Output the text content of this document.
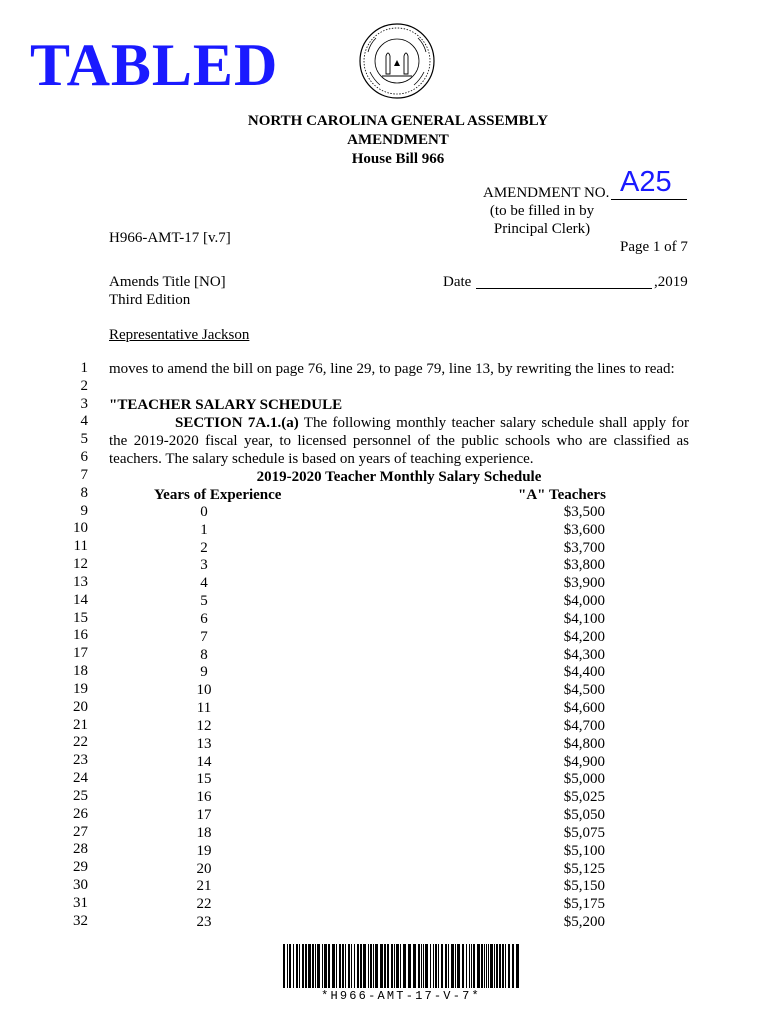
TABLED
NORTH CAROLINA GENERAL ASSEMBLY
AMENDMENT
House Bill 966
AMENDMENT NO. A25
(to be filled in by
Principal Clerk)
H966-AMT-17 [v.7]
Page 1 of 7
Amends Title [NO]
Third Edition
Date	,2019
Representative Jackson
1
2
3
4
5
6
7
8
9
10
11
12
13
14
15
16
17
18
19
20
21
22
23
24
25
26
27
28
29
30
31
32
moves to amend the bill on page 76, line 29, to page 79, line 13, by rewriting the lines to read:
"TEACHER SALARY SCHEDULE
SECTION 7A.1.(a) The following monthly teacher salary schedule shall apply for
the 2019-2020 fiscal year, to licensed personnel of the public schools who are classified as
teachers. The salary schedule is based on years of teaching experience.
2019-2020 Teacher Monthly Salary Schedule
Years of Experience	"A" Teachers
0	$3,500
1	$3,600
2	$3,700
3	$3,800
4	$3,900
5	$4,000
6	$4,100
7	$4,200
8	$4,300
9	$4,400
10	$4,500
11	$4,600
12	$4,700
13	$4,800
14	$4,900
15	$5,000
16	$5,025
17	$5,050
18	$5,075
19	$5,100
20	$5,125
21	$5,150
22	$5,175
23	$5,200
*H966-AMT-17-V-7*
